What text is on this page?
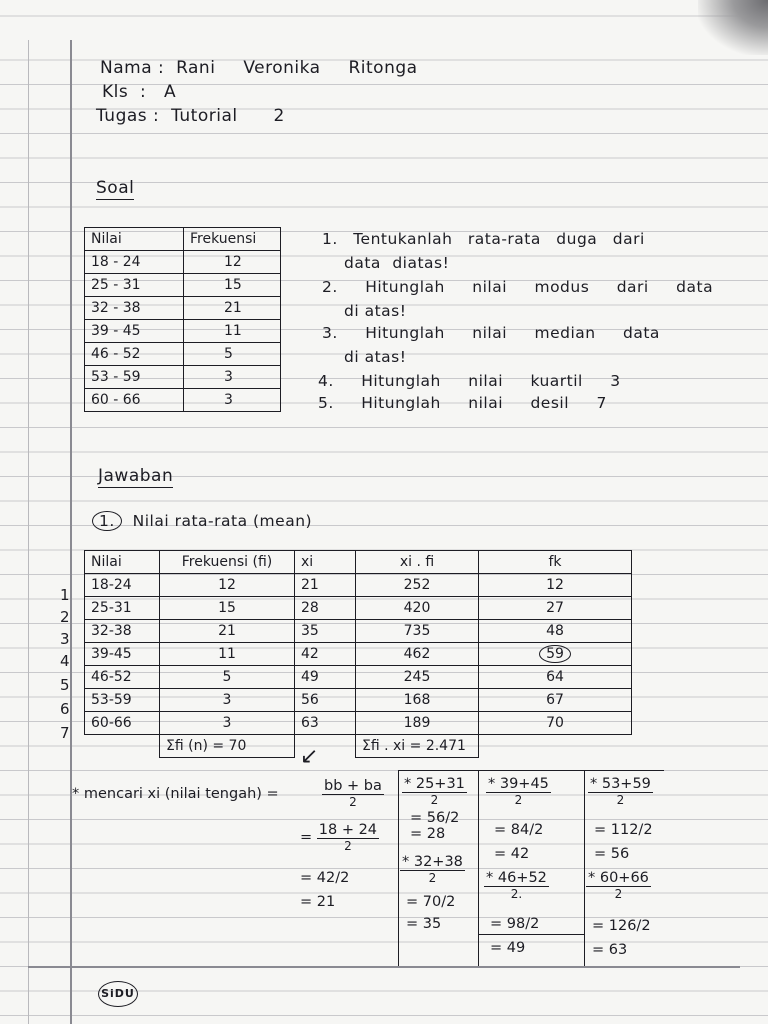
Nama :  Rani Veronika Ritonga
Kls  :   A
Tugas :  Tutorial 2
Soal
Nilai	Frekuensi
18 - 24	12
25 - 31	15
32 - 38	21
39 - 45	11
46 - 52	5
53 - 59	3
60 - 66	3
1. Tentukanlah rata-rata duga dari
data diatas!
2. Hitunglah nilai modus dari data
di atas!
3. Hitunglah nilai median data
di atas!
4. Hitunglah nilai kuartil 3
5. Hitunglah nilai desil 7
Jawaban
1. Nilai rata-rata (mean)
1
2
3
4
5
6
7
Nilai	Frekuensi (fi)	xi	xi . fi	fk
18-24	12	21	252	12
25-31	15	28	420	27
32-38	21	35	735	48
39-45	11	42	462	59
46-52	5	49	245	64
53-59	3	56	168	67
60-66	3	63	189	70
	Σfi (n) = 70		Σfi . xi = 2.471	
↙
* mencari xi (nilai tengah) =	bb + ba
2
= 18 + 24
2
= 42/2
= 21
* 25+31
2
= 56/2
= 28
* 32+38
2
= 70/2
= 35
* 39+45
2
= 84/2
= 42
* 46+52
2.
= 98/2
= 49
* 53+59
2
= 112/2
= 56
* 60+66
2
= 126/2
= 63
SiDU
